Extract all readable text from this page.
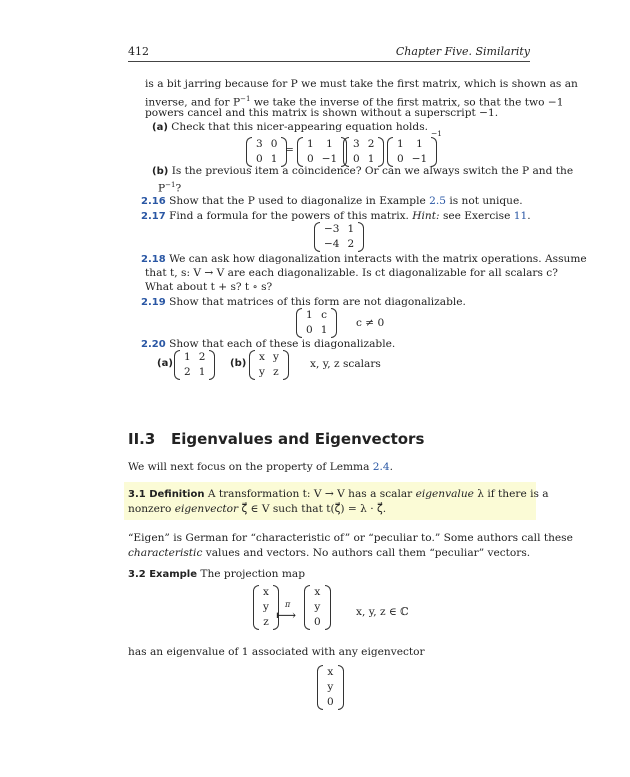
412	Chapter Five. Similarity
is a bit jarring because for P we must take the first matrix, which is shown as an
inverse, and for $P^{-1}$ we take the inverse of the first matrix, so that the two −1
powers cancel and this matrix is shown without a superscript −1.
(a) Check that this nicer-appearing equation holds.
3	0
0	1
= 1	1
0	−1
3	2
0	1
1	1
0	−1
−1
(b) Is the previous item a coincidence? Or can we always switch the P and the
$P^{-1}$?
2.16 Show that the P used to diagonalize in Example 2.5 is not unique.
2.17 Find a formula for the powers of this matrix. Hint: see Exercise 11.
−3	1
−4	2
2.18 We can ask how diagonalization interacts with the matrix operations. Assume
that t, s: V → V are each diagonalizable. Is ct diagonalizable for all scalars c?
What about t + s? t ∘ s?
2.19 Show that matrices of this form are not diagonalizable.
1	c
0	1
c ≠ 0
2.20 Show that each of these is diagonalizable.
(a)
1	2
2	1
(b)
x	y
y	z
x, y, z scalars
II.3 Eigenvalues and Eigenvectors
We will next focus on the property of Lemma 2.4.
3.1 Definition A transformation t: V → V has a scalar eigenvalue λ if there is a
nonzero eigenvector ζ⃗ ∈ V such that t(ζ⃗) = λ · ζ⃗.
“Eigen” is German for “characteristic of” or “peculiar to.” Some authors call these
characteristic values and vectors. No authors call them “peculiar” vectors.
3.2 Example The projection map
x
y
z
π
⟼
x
y
0
x, y, z ∈ ℂ
has an eigenvalue of 1 associated with any eigenvector
x
y
0
